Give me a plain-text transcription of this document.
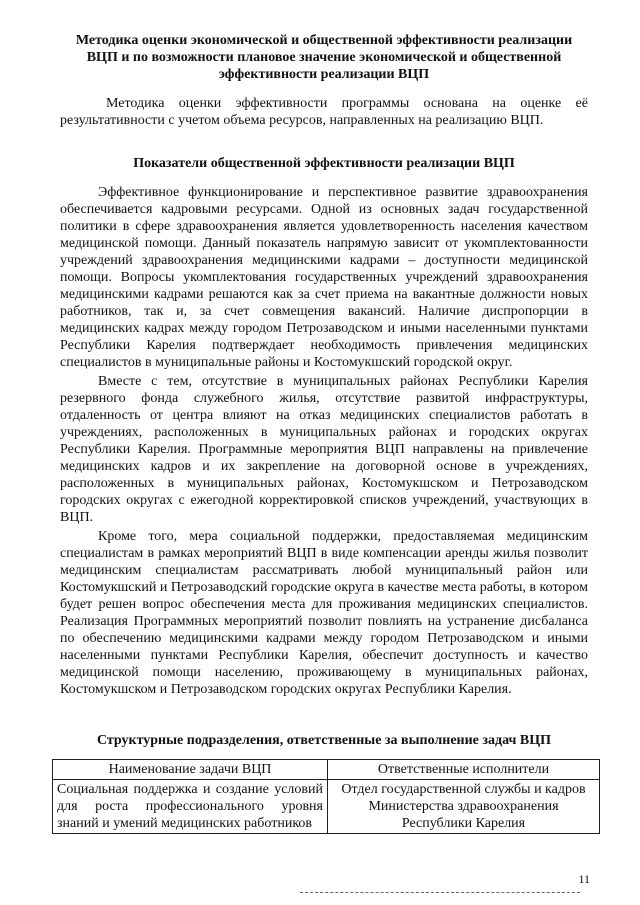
Методика оценки экономической и общественной эффективности реализации ВЦП и по возможности плановое значение экономической и общественной эффективности реализации ВЦП

Методика оценки эффективности программы основана на оценке её результативности с учетом объема ресурсов, направленных на реализацию ВЦП.

Показатели общественной эффективности реализации ВЦП

Эффективное функционирование и перспективное развитие здравоохранения обеспечивается кадровыми ресурсами. Одной из основных задач государственной политики в сфере здравоохранения является удовлетворенность населения качеством медицинской помощи. Данный показатель напрямую зависит от укомплектованности учреждений здравоохранения медицинскими кадрами – доступности медицинской помощи. Вопросы укомплектования государственных учреждений здравоохранения медицинскими кадрами решаются как за счет приема на вакантные должности новых работников, так и, за счет совмещения вакансий. Наличие диспропорции в медицинских кадрах между городом Петрозаводском и иными населенными пунктами Республики Карелия подтверждает необходимость привлечения медицинских специалистов в муниципальные районы и Костомукшский городской округ.

Вместе с тем, отсутствие в муниципальных районах Республики Карелия резервного фонда служебного жилья, отсутствие развитой инфраструктуры, отдаленность от центра влияют на отказ медицинских специалистов работать в учреждениях, расположенных в муниципальных районах и городских округах Республики Карелия. Программные мероприятия ВЦП направлены на привлечение медицинских кадров и их закрепление на договорной основе в учреждениях, расположенных в муниципальных районах, Костомукшском и Петрозаводском городских округах с ежегодной корректировкой списков учреждений, участвующих в ВЦП.

Кроме того, мера социальной поддержки, предоставляемая медицинским специалистам в рамках мероприятий ВЦП в виде компенсации аренды жилья позволит медицинским специалистам рассматривать любой муниципальный район или Костомукшский и Петрозаводский городские округа в качестве места работы, в котором будет решен вопрос обеспечения места для проживания медицинских специалистов. Реализация Программных мероприятий позволит повлиять на устранение дисбаланса по обеспечению медицинскими кадрами между городом Петрозаводском и иными населенными пунктами Республики Карелия, обеспечит доступность и качество медицинской помощи населению, проживающему в муниципальных районах, Костомукшском и Петрозаводском городских округах Республики Карелия.

Структурные подразделения, ответственные за выполнение задач ВЦП
Наименование задачи ВЦП	Ответственные исполнители
Социальная поддержка и создание условий для роста профессионального уровня знаний и умений медицинских работников	Отдел государственной службы и кадров Министерства здравоохранения Республики Карелия
11
